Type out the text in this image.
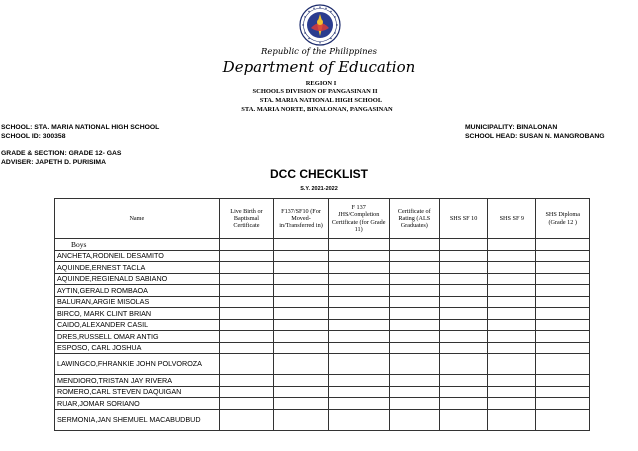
Republic of the Philippines
Department of Education
REGION I
SCHOOLS DIVISION OF PANGASINAN II
STA. MARIA NATIONAL HIGH SCHOOL
STA. MARIA NORTE, BINALONAN, PANGASINAN
SCHOOL: STA. MARIA NATIONAL HIGH SCHOOL
SCHOOL ID: 300358
MUNICIPALITY: BINALONAN
SCHOOL HEAD: SUSAN N. MANGROBANG
GRADE & SECTION: GRADE 12- GAS
ADVISER: JAPETH D. PURISIMA
DCC CHECKLIST
S.Y. 2021-2022
Name	Live Birth or Baptismal Certificate	F137/SF10 (For Moved-in/Transferred in)	F 137 JHS/Completion Certificate (for Grade 11)	Certificate of Rating (ALS Graduates)	SHS SF 10	SHS SF 9	SHS Diploma (Grade 12 )
Boys							
ANCHETA,RODNEIL DESAMITO							
AQUINDE,ERNEST TACLA							
AQUINDE,REGIENALD SABIANO							
AYTIN,GERALD ROMBAOA							
BALURAN,ARGIE MISOLAS							
BIRCO, MARK CLINT BRIAN							
CAIDO,ALEXANDER CASIL							
DRES,RUSSELL OMAR ANTIG							
ESPOSO, CARL JOSHUA							
LAWINGCO,FHRANKIE JOHN POLVOROZA							
MENDIORO,TRISTAN JAY RIVERA							
ROMERO,CARL STEVEN DAQUIGAN							
RUAR,JOMAR SORIANO							
SERMONIA,JAN SHEMUEL MACABUDBUD							
